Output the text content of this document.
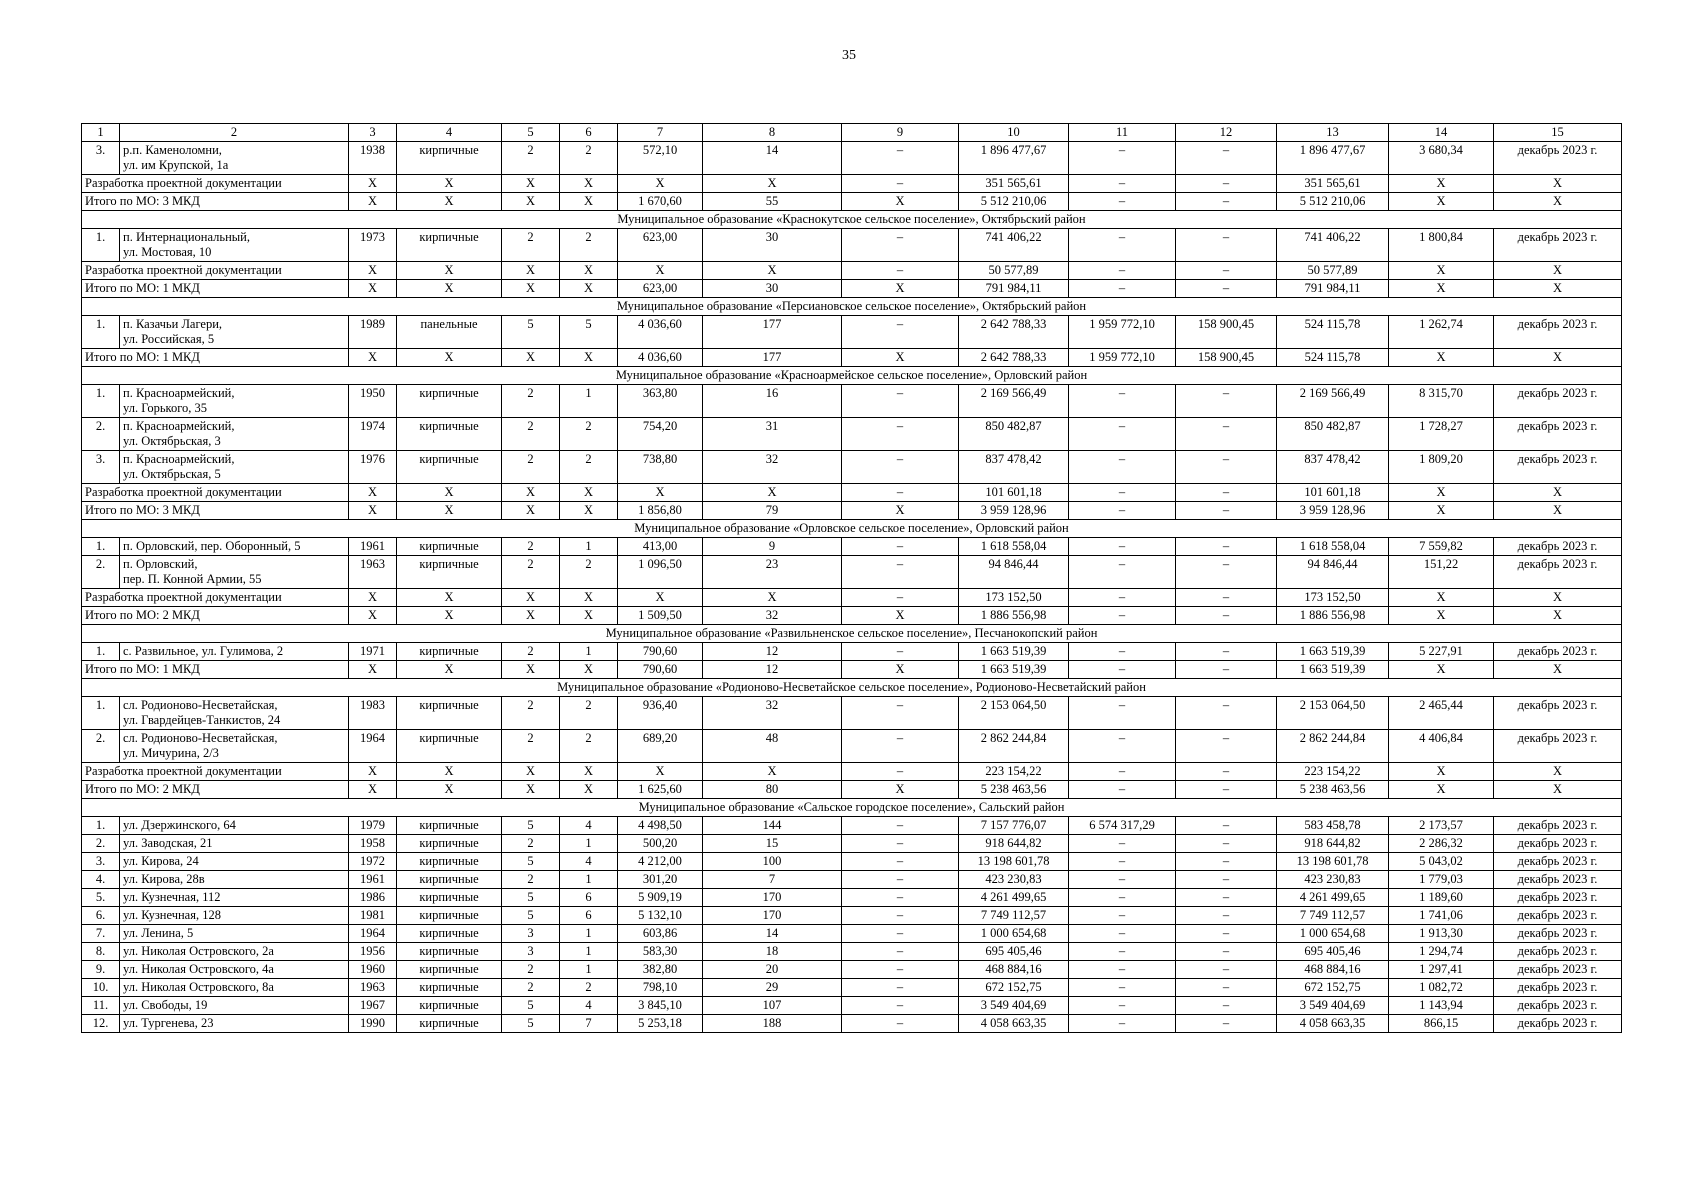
35
1	2	3	4	5	6	7	8	9	10	11	12	13	14	15
3.	р.п. Каменоломни,
ул. им Крупской, 1а	1938	кирпичные	2	2	572,10	14	–	1 896 477,67	–	–	1 896 477,67	3 680,34	декабрь 2023 г.
Разработка проектной документации		X	X	X	X	X	X	–	351 565,61	–	–	351 565,61	X	X
Итого по МО: 3 МКД		X	X	X	X	1 670,60	55	X	5 512 210,06	–	–	5 512 210,06	X	X
Муниципальное образование «Краснокутское сельское поселение», Октябрьский район														
1.	п. Интернациональный,
ул. Мостовая, 10	1973	кирпичные	2	2	623,00	30	–	741 406,22	–	–	741 406,22	1 800,84	декабрь 2023 г.
Разработка проектной документации		X	X	X	X	X	X	–	50 577,89	–	–	50 577,89	X	X
Итого по МО: 1 МКД		X	X	X	X	623,00	30	X	791 984,11	–	–	791 984,11	X	X
Муниципальное образование «Персиановское сельское поселение», Октябрьский район														
1.	п. Казачьи Лагери,
ул. Российская, 5	1989	панельные	5	5	4 036,60	177	–	2 642 788,33	1 959 772,10	158 900,45	524 115,78	1 262,74	декабрь 2023 г.
Итого по МО: 1 МКД		X	X	X	X	4 036,60	177	X	2 642 788,33	1 959 772,10	158 900,45	524 115,78	X	X
Муниципальное образование «Красноармейское сельское поселение», Орловский район														
1.	п. Красноармейский,
ул. Горького, 35	1950	кирпичные	2	1	363,80	16	–	2 169 566,49	–	–	2 169 566,49	8 315,70	декабрь 2023 г.
2.	п. Красноармейский,
ул. Октябрьская, 3	1974	кирпичные	2	2	754,20	31	–	850 482,87	–	–	850 482,87	1 728,27	декабрь 2023 г.
3.	п. Красноармейский,
ул. Октябрьская, 5	1976	кирпичные	2	2	738,80	32	–	837 478,42	–	–	837 478,42	1 809,20	декабрь 2023 г.
Разработка проектной документации		X	X	X	X	X	X	–	101 601,18	–	–	101 601,18	X	X
Итого по МО: 3 МКД		X	X	X	X	1 856,80	79	X	3 959 128,96	–	–	3 959 128,96	X	X
Муниципальное образование «Орловское сельское поселение», Орловский район														
1.	п. Орловский, пер. Оборонный, 5	1961	кирпичные	2	1	413,00	9	–	1 618 558,04	–	–	1 618 558,04	7 559,82	декабрь 2023 г.
2.	п. Орловский,
пер. П. Конной Армии, 55	1963	кирпичные	2	2	1 096,50	23	–	94 846,44	–	–	94 846,44	151,22	декабрь 2023 г.
Разработка проектной документации		X	X	X	X	X	X	–	173 152,50	–	–	173 152,50	X	X
Итого по МО: 2 МКД		X	X	X	X	1 509,50	32	X	1 886 556,98	–	–	1 886 556,98	X	X
Муниципальное образование «Развильненское сельское поселение», Песчанокопский район														
1.	с. Развильное, ул. Гулимова, 2	1971	кирпичные	2	1	790,60	12	–	1 663 519,39	–	–	1 663 519,39	5 227,91	декабрь 2023 г.
Итого по МО: 1 МКД		X	X	X	X	790,60	12	X	1 663 519,39	–	–	1 663 519,39	X	X
Муниципальное образование «Родионово-Несветайское сельское поселение», Родионово-Несветайский район														
1.	сл. Родионово-Несветайская,
ул. Гвардейцев-Танкистов, 24	1983	кирпичные	2	2	936,40	32	–	2 153 064,50	–	–	2 153 064,50	2 465,44	декабрь 2023 г.
2.	сл. Родионово-Несветайская,
ул. Мичурина, 2/3	1964	кирпичные	2	2	689,20	48	–	2 862 244,84	–	–	2 862 244,84	4 406,84	декабрь 2023 г.
Разработка проектной документации		X	X	X	X	X	X	–	223 154,22	–	–	223 154,22	X	X
Итого по МО: 2 МКД		X	X	X	X	1 625,60	80	X	5 238 463,56	–	–	5 238 463,56	X	X
Муниципальное образование «Сальское городское поселение», Сальский район														
1.	ул. Дзержинского, 64	1979	кирпичные	5	4	4 498,50	144	–	7 157 776,07	6 574 317,29	–	583 458,78	2 173,57	декабрь 2023 г.
2.	ул. Заводская, 21	1958	кирпичные	2	1	500,20	15	–	918 644,82	–	–	918 644,82	2 286,32	декабрь 2023 г.
3.	ул. Кирова, 24	1972	кирпичные	5	4	4 212,00	100	–	13 198 601,78	–	–	13 198 601,78	5 043,02	декабрь 2023 г.
4.	ул. Кирова, 28в	1961	кирпичные	2	1	301,20	7	–	423 230,83	–	–	423 230,83	1 779,03	декабрь 2023 г.
5.	ул. Кузнечная, 112	1986	кирпичные	5	6	5 909,19	170	–	4 261 499,65	–	–	4 261 499,65	1 189,60	декабрь 2023 г.
6.	ул. Кузнечная, 128	1981	кирпичные	5	6	5 132,10	170	–	7 749 112,57	–	–	7 749 112,57	1 741,06	декабрь 2023 г.
7.	ул. Ленина, 5	1964	кирпичные	3	1	603,86	14	–	1 000 654,68	–	–	1 000 654,68	1 913,30	декабрь 2023 г.
8.	ул. Николая Островского, 2а	1956	кирпичные	3	1	583,30	18	–	695 405,46	–	–	695 405,46	1 294,74	декабрь 2023 г.
9.	ул. Николая Островского, 4а	1960	кирпичные	2	1	382,80	20	–	468 884,16	–	–	468 884,16	1 297,41	декабрь 2023 г.
10.	ул. Николая Островского, 8а	1963	кирпичные	2	2	798,10	29	–	672 152,75	–	–	672 152,75	1 082,72	декабрь 2023 г.
11.	ул. Свободы, 19	1967	кирпичные	5	4	3 845,10	107	–	3 549 404,69	–	–	3 549 404,69	1 143,94	декабрь 2023 г.
12.	ул. Тургенева, 23	1990	кирпичные	5	7	5 253,18	188	–	4 058 663,35	–	–	4 058 663,35	866,15	декабрь 2023 г.
